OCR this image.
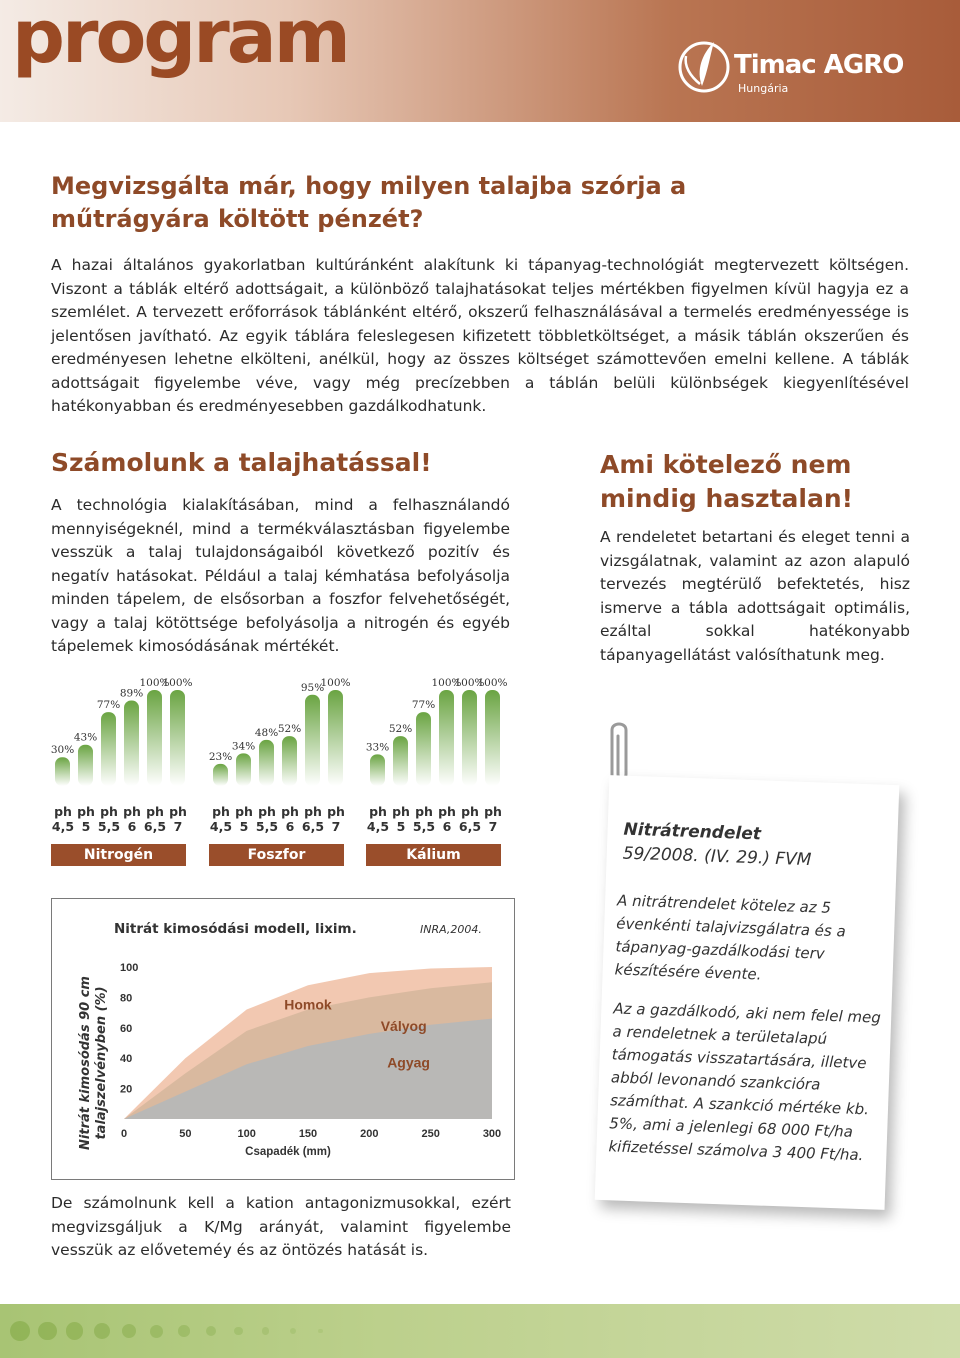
program	Timac AGRO
Hungária
Megvizsgálta már, hogy milyen talajba szórja a műtrágyára költött pénzét?

A hazai általános gyakorlatban kultúránként alakítunk ki tápanyag-technológiát megtervezett költségen. Viszont a táblák eltérő adottságait, a különböző talajhatásokat teljes mértékben figyelmen kívül hagyja ez a szemlélet. A tervezett erőforrások táblánként eltérő, okszerű felhasználásával a termelés eredményessége is jelentősen javítható. Az egyik táblára feleslegesen kifizetett többletköltséget, a másik táblán okszerűen és eredményesen lehetne elkölteni, anélkül, hogy az összes költséget számottevően emelni kellene. A táblák adottságait figyelembe véve, vagy még precízebben a táblán belüli különbségek kiegyenlítésével hatékonyabban és eredményesebben gazdálkodhatunk.

Számolunk a talajhatással!

A technológia kialakításában, mind a felhasználandó mennyiségeknél, mind a termékválasztásban figyelembe vesszük a talaj tulajdonságaiból következő pozitív és negatív hatásokat. Például a talaj kémhatása befolyásolja minden tápelem, de elsősorban a foszfor felvehetőségét, vagy a talaj kötöttsége befolyásolja a nitrogén és egyéb tápelemek kimosódásának mértékét.

Ami kötelező nem mindig hasztalan!

A rendeletet betartani és eleget tenni a vizsgálatnak, valamint az azon alapuló tervezés megtérülő befektetés, hisz ismerve a tábla adottságait optimális, ezáltal sokkal hatékonyabb tápanyagellátást valósíthatunk meg.

30%
43%
77%
89%
100%
100%
ph
4,5
ph
5
ph
5,5
ph
6
ph
6,5
ph
7
Nitrogén
23%
34%
48% 52%
95%
100%
ph
4,5
ph
5
ph
5,5
ph
6
ph
6,5
ph
7
Foszfor
33%
52%
77%
100%
100%
100%
ph
4,5
ph
5
ph
5,5
ph
6
ph
6,5
ph
7
Kálium
Homok
Vályog
Agyag
0	50	100	150	200	250	300
100
80
60
40
20
Csapadék (mm)
Nitrát kimosódási modell, lixim.	INRA,2004.
Nitrát kimosódás 90 cm talajszelvényben (%)
Nitrátrendelet
59/2008. (IV. 29.) FVM

A nitrátrendelet kötelez az 5 évenkénti talajvizsgálatra és a tápanyag-gazdálkodási terv készítésére évente.

Az a gazdálkodó, aki nem felel meg a rendeletnek a területalapú támogatás visszatartására, illetve abból levonandó szankcióra számíthat. A szankció mértéke kb. 5%, ami a jelenlegi 68 000 Ft/ha kifizetéssel számolva 3 400 Ft/ha.

De számolnunk kell a kation antagonizmusokkal, ezért megvizsgáljuk a K/Mg arányát, valamint figyelembe vesszük az előveteméy és az öntözés hatását is.
